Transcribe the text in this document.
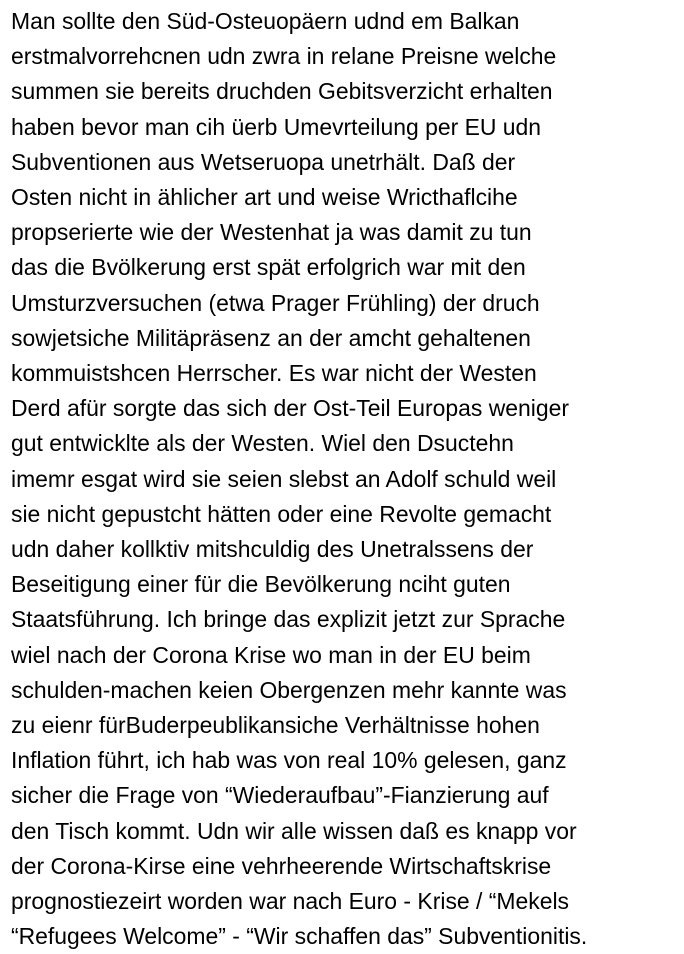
Man sollte den Süd-Osteuopäern udnd em Balkan
erstmalvorrehcnen udn zwra in relane Preisne welche
summen sie bereits druchden Gebitsverzicht erhalten
haben bevor man cih üerb Umevrteilung per EU udn
Subventionen aus Wetseruopa unetrhält. Daß der
Osten nicht in ählicher art und weise Wricthaflcihe
propserierte wie der Westenhat ja was damit zu tun
das die Bvölkerung erst spät erfolgrich war mit den
Umsturzversuchen (etwa Prager Frühling) der druch
sowjetsiche Militäpräsenz an der amcht gehaltenen
kommuistshcen Herrscher. Es war nicht der Westen
Derd afür sorgte das sich der Ost-Teil Europas weniger
gut entwicklte als der Westen. Wiel den Dsuctehn
imemr esgat wird sie seien slebst an Adolf schuld weil
sie nicht gepustcht hätten oder eine Revolte gemacht
udn daher kollktiv mitshculdig des Unetralssens der
Beseitigung einer für die Bevölkerung nciht guten
Staatsführung. Ich bringe das explizit jetzt zur Sprache
wiel nach der Corona Krise wo man in der EU beim
schulden-machen keien Obergenzen mehr kannte was
zu eienr fürBuderpeublikansiche Verhältnisse hohen
Inflation führt, ich hab was von real 10% gelesen, ganz
sicher die Frage von “Wiederaufbau”-Fianzierung auf
den Tisch kommt. Udn wir alle wissen daß es knapp vor
der Corona-Kirse eine vehrheerende Wirtschaftskrise
prognostiezeirt worden war nach Euro - Krise / “Mekels
“Refugees Welcome” - “Wir schaffen das” Subventionitis.
